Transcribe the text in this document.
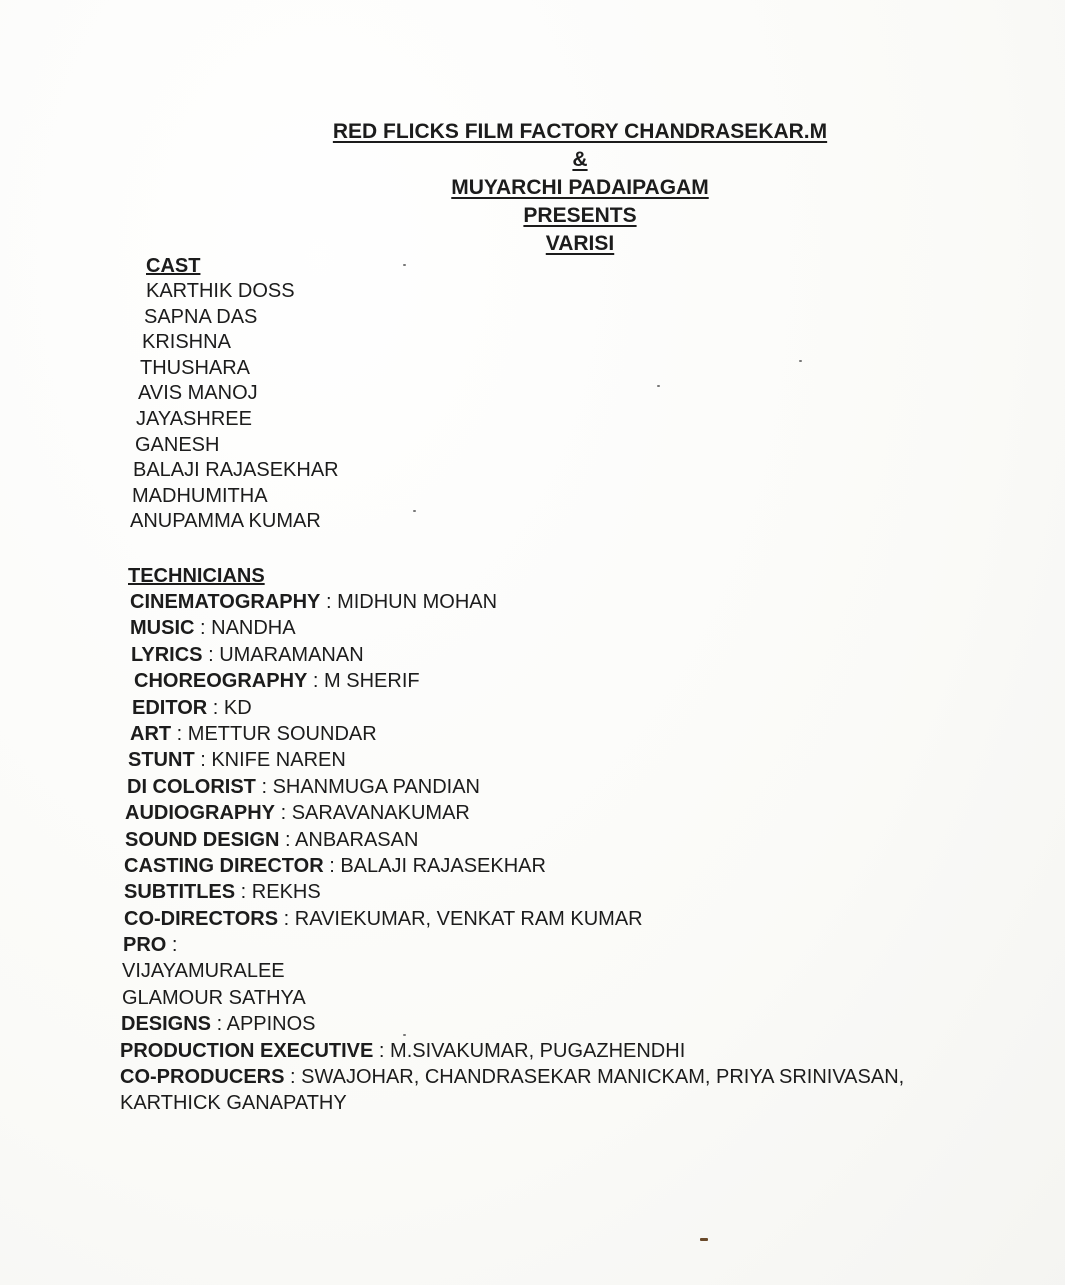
RED FLICKS FILM FACTORY CHANDRASEKAR.M
&
MUYARCHI PADAIPAGAM
PRESENTS
VARISI
CAST
KARTHIK DOSS
SAPNA DAS
KRISHNA
THUSHARA
AVIS MANOJ
JAYASHREE
GANESH
BALAJI RAJASEKHAR
MADHUMITHA
ANUPAMMA KUMAR
TECHNICIANS
CINEMATOGRAPHY : MIDHUN MOHAN
MUSIC : NANDHA
LYRICS : UMARAMANAN
CHOREOGRAPHY : M SHERIF
EDITOR : KD
ART : METTUR SOUNDAR
STUNT : KNIFE NAREN
DI COLORIST : SHANMUGA PANDIAN
AUDIOGRAPHY : SARAVANAKUMAR
SOUND DESIGN : ANBARASAN
CASTING DIRECTOR : BALAJI RAJASEKHAR
SUBTITLES : REKHS
CO-DIRECTORS : RAVIEKUMAR, VENKAT RAM KUMAR
PRO :
VIJAYAMURALEE
GLAMOUR SATHYA
DESIGNS : APPINOS
PRODUCTION EXECUTIVE : M.SIVAKUMAR, PUGAZHENDHI
CO-PRODUCERS : SWAJOHAR, CHANDRASEKAR MANICKAM, PRIYA SRINIVASAN, KARTHICK GANAPATHY
